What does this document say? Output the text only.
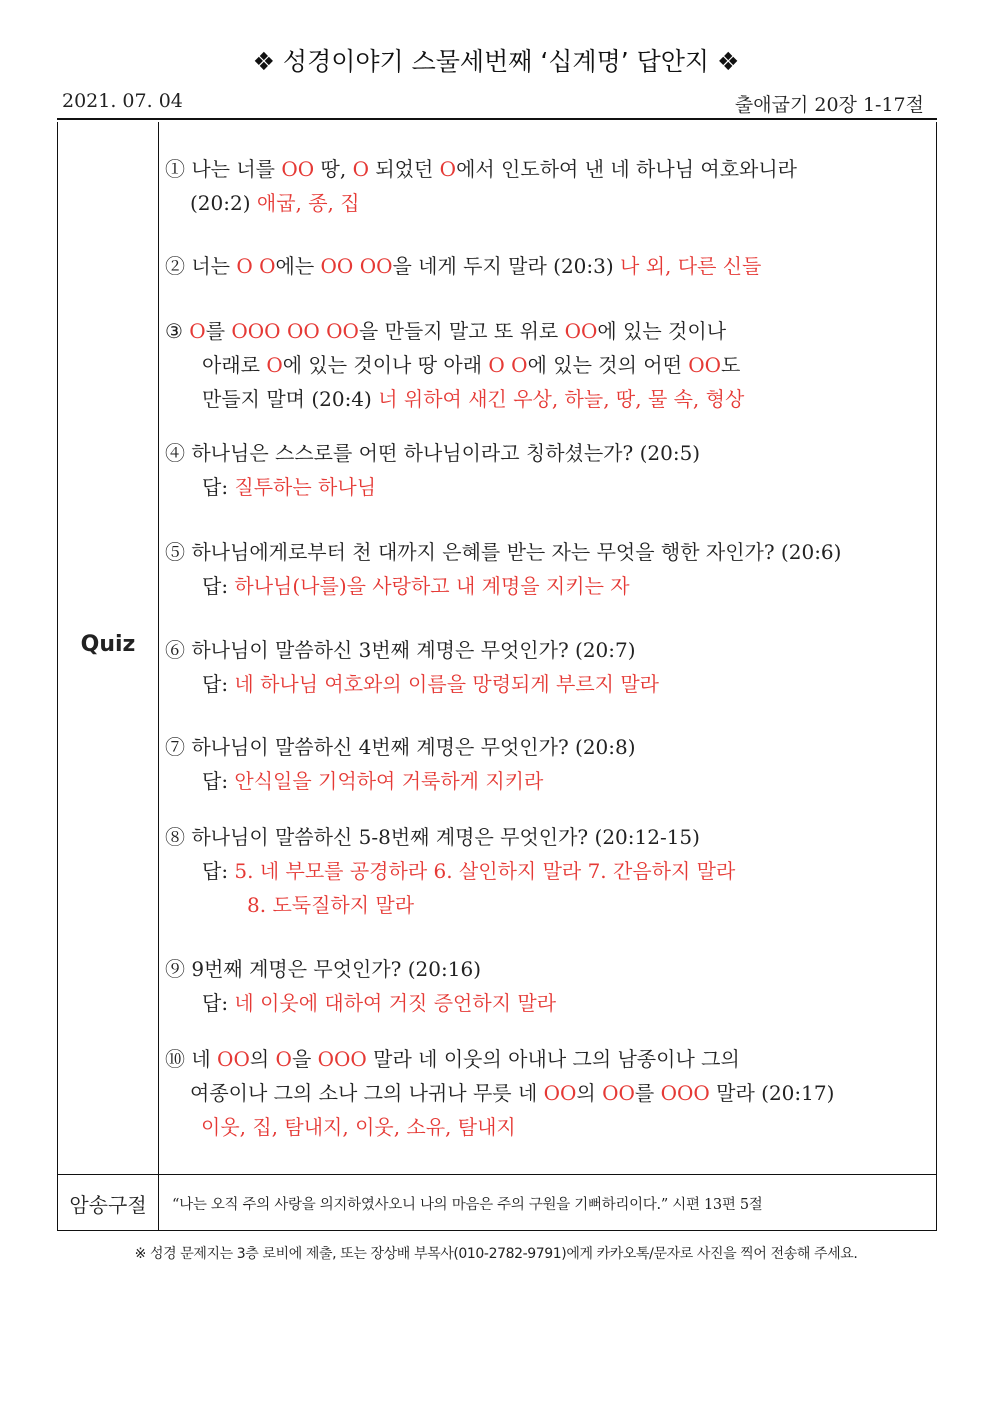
❖ 성경이야기 스물세번째 ‘십계명’ 답안지 ❖
2021. 07. 04	출애굽기 20장 1-17절
Quiz
① 나는 너를 OO 땅, O 되었던 O에서 인도하여 낸 네 하나님 여호와니라
(20:2) 애굽, 종, 집
② 너는 O O에는 OO OO을 네게 두지 말라 (20:3) 나 외, 다른 신들
③ O를 OOO OO OO을 만들지 말고 또 위로 OO에 있는 것이나
아래로 O에 있는 것이나 땅 아래 O O에 있는 것의 어떤 OO도
만들지 말며 (20:4) 너 위하여 새긴 우상, 하늘, 땅, 물 속, 형상
④ 하나님은 스스로를 어떤 하나님이라고 칭하셨는가? (20:5)
답: 질투하는 하나님
⑤ 하나님에게로부터 천 대까지 은혜를 받는 자는 무엇을 행한 자인가? (20:6)
답: 하나님(나를)을 사랑하고 내 계명을 지키는 자
⑥ 하나님이 말씀하신 3번째 계명은 무엇인가? (20:7)
답: 네 하나님 여호와의 이름을 망령되게 부르지 말라
⑦ 하나님이 말씀하신 4번째 계명은 무엇인가? (20:8)
답: 안식일을 기억하여 거룩하게 지키라
⑧ 하나님이 말씀하신 5-8번째 계명은 무엇인가? (20:12-15)
답: 5. 네 부모를 공경하라 6. 살인하지 말라 7. 간음하지 말라
8. 도둑질하지 말라
⑨ 9번째 계명은 무엇인가? (20:16)
답: 네 이웃에 대하여 거짓 증언하지 말라
⑩ 네 OO의 O을 OOO 말라 네 이웃의 아내나 그의 남종이나 그의
여종이나 그의 소나 그의 나귀나 무릇 네 OO의 OO를 OOO 말라 (20:17)
이웃, 집, 탐내지, 이웃, 소유, 탐내지
암송구절	“나는 오직 주의 사랑을 의지하였사오니 나의 마음은 주의 구원을 기뻐하리이다.” 시편 13편 5절
※ 성경 문제지는 3층 로비에 제출, 또는 장상배 부목사(010-2782-9791)에게 카카오톡/문자로 사진을 찍어 전송해 주세요.
